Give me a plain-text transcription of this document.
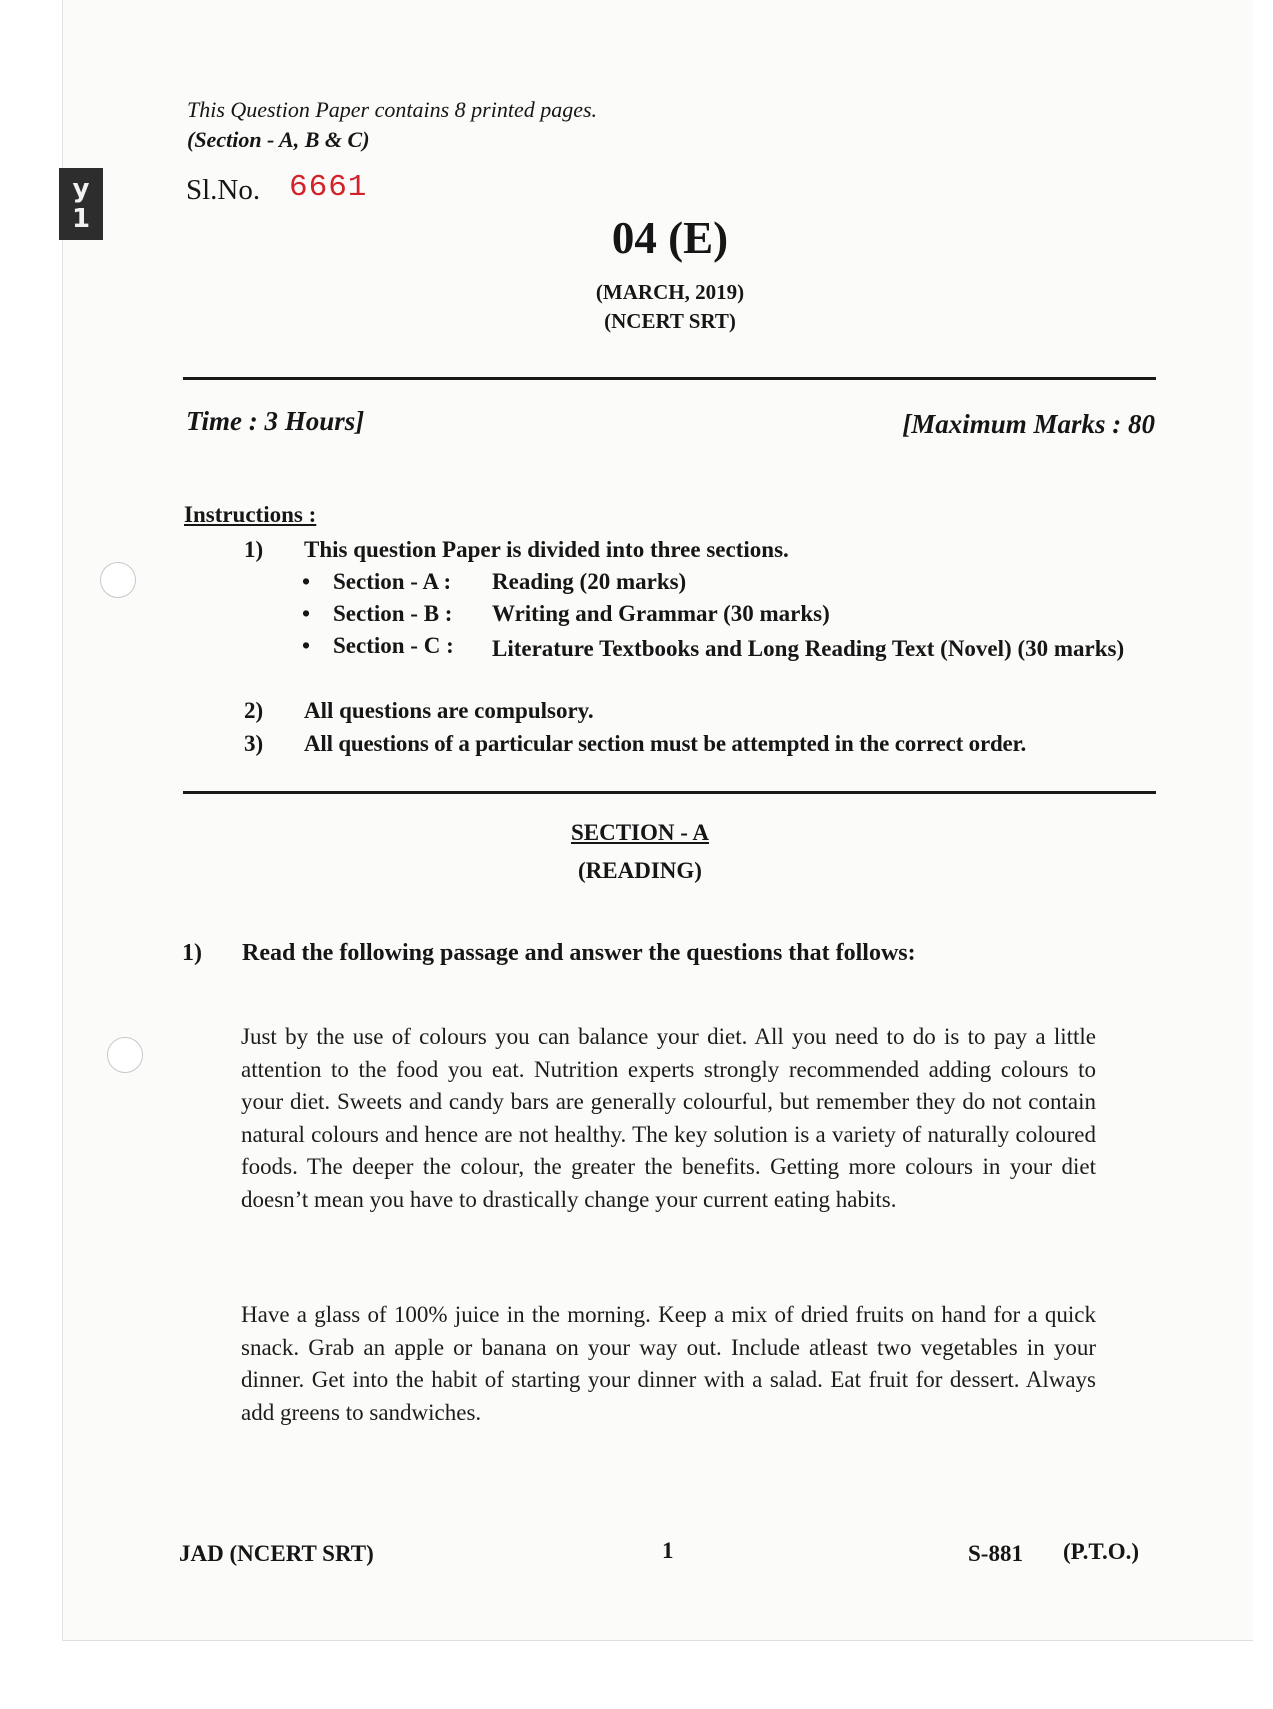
y
1
This Question Paper contains 8 printed pages.
(Section - A, B & C)
Sl.No. 6661
04 (E)
(MARCH, 2019)
(NCERT SRT)
Time : 3 Hours]	[Maximum Marks : 80
Instructions :
1) This question Paper is divided into three sections.
• Section - A : Reading (20 marks)
• Section - B : Writing and Grammar (30 marks)
• Section - C : Literature Textbooks and Long Reading Text (Novel) (30 marks)
2) All questions are compulsory.
3) All questions of a particular section must be attempted in the correct order.
SECTION - A
(READING)
1) Read the following passage and answer the questions that follows:
Just by the use of colours you can balance your diet. All you need to do is to pay a little attention to the food you eat. Nutrition experts strongly recommended adding colours to your diet. Sweets and candy bars are generally colourful, but remember they do not contain natural colours and hence are not healthy. The key solution is a variety of naturally coloured foods. The deeper the colour, the greater the benefits. Getting more colours in your diet doesn’t mean you have to drastically change your current eating habits.
Have a glass of 100% juice in the morning. Keep a mix of dried fruits on hand for a quick snack. Grab an apple or banana on your way out. Include atleast two vegetables in your dinner. Get into the habit of starting your dinner with a salad. Eat fruit for dessert. Always add greens to sandwiches.
JAD (NCERT SRT)	1	S-881 (P.T.O.)
